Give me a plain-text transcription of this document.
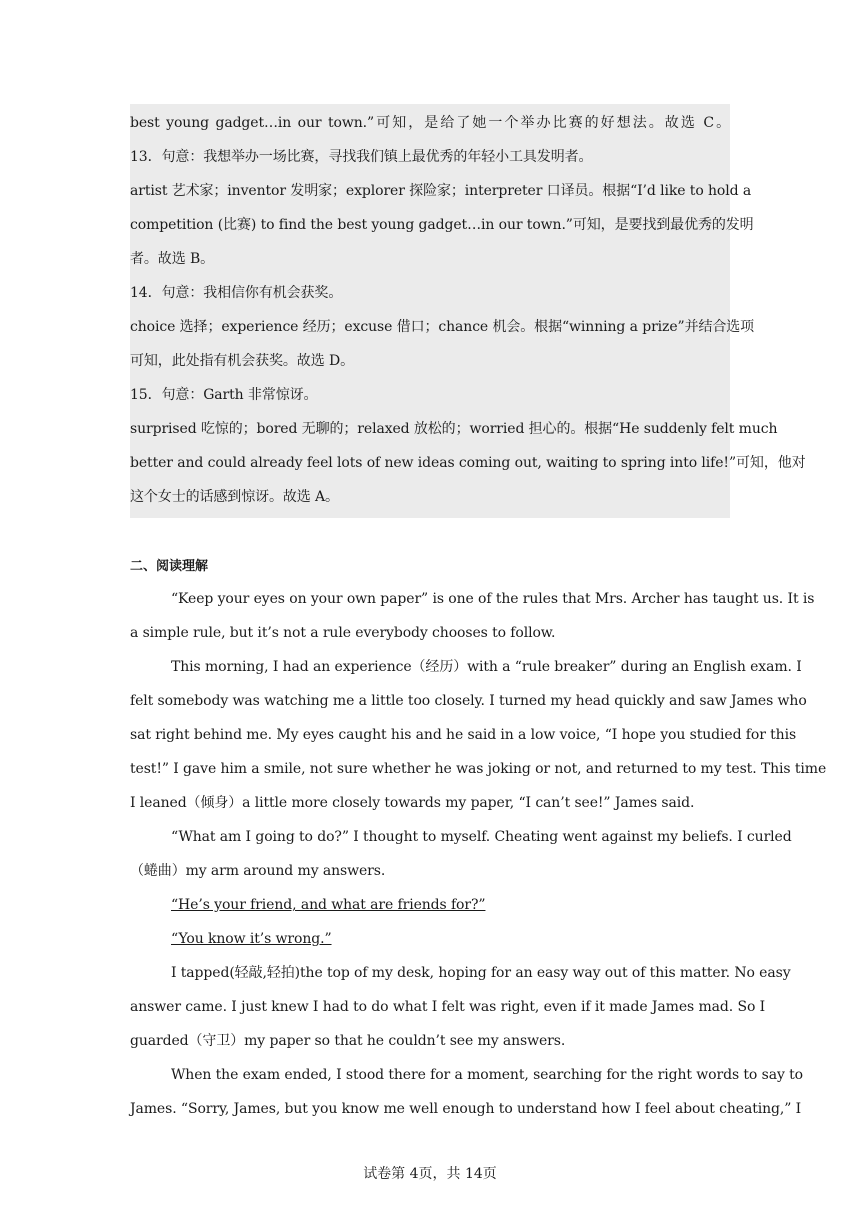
best young gadget…in our town.”可知，是给了她一个举办比赛的好想法。故选 C。
13．句意：我想举办一场比赛，寻找我们镇上最优秀的年轻小工具发明者。
artist 艺术家；inventor 发明家；explorer 探险家；interpreter 口译员。根据“I’d like to hold a
competition (比赛) to find the best young gadget…in our town.”可知，是要找到最优秀的发明
者。故选 B。
14．句意：我相信你有机会获奖。
choice 选择；experience 经历；excuse 借口；chance 机会。根据“winning a prize”并结合选项
可知，此处指有机会获奖。故选 D。
15．句意：Garth 非常惊讶。
surprised 吃惊的；bored 无聊的；relaxed 放松的；worried 担心的。根据“He suddenly felt much
better and could already feel lots of new ideas coming out, waiting to spring into life!”可知，他对
这个女士的话感到惊讶。故选 A。
二、阅读理解
“Keep your eyes on your own paper” is one of the rules that Mrs. Archer has taught us. It is
a simple rule, but it’s not a rule everybody chooses to follow.
This morning, I had an experience（经历）with a “rule breaker” during an English exam. I
felt somebody was watching me a little too closely. I turned my head quickly and saw James who
sat right behind me. My eyes caught his and he said in a low voice, “I hope you studied for this
test!” I gave him a smile, not sure whether he was joking or not, and returned to my test. This time
I leaned（倾身）a little more closely towards my paper, “I can’t see!” James said.
“What am I going to do?” I thought to myself. Cheating went against my beliefs. I curled
（蜷曲）my arm around my answers.
“He’s your friend, and what are friends for?”
“You know it’s wrong.”
I tapped(轻敲,轻拍)the top of my desk, hoping for an easy way out of this matter. No easy
answer came. I just knew I had to do what I felt was right, even if it made James mad. So I
guarded（守卫）my paper so that he couldn’t see my answers.
When the exam ended, I stood there for a moment, searching for the right words to say to
James. “Sorry, James, but you know me well enough to understand how I feel about cheating,” I
试卷第 4页，共 14页
